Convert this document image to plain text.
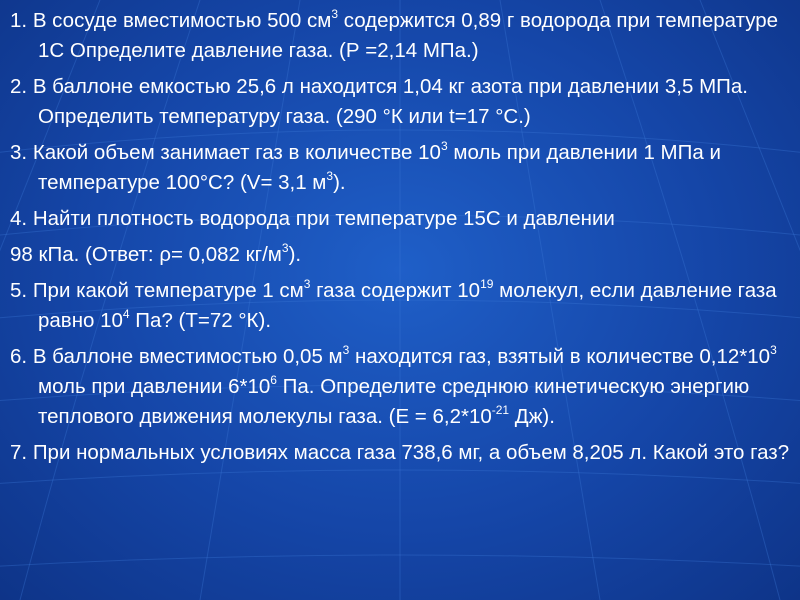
1. В сосуде вместимостью 500 $см^3$ содержится 0,89 г водорода при температуре 1С Определите давление газа. (Р =2,14 МПа.)

2. В баллоне емкостью 25,6 л находится 1,04 кг азота при давлении 3,5 МПа. Определить температуру газа. (290 °К или t=17 °С.)

3. Какой объем занимает газ в количестве $10^3$ моль при давлении 1 МПа и температуре 100°С? (V= 3,1 $м^3$).

4. Найти плотность водорода при температуре 15С и давлении

98 кПа. (Ответ: ρ= 0,082 $кг/м^3$).

5. При какой температуре 1 $см^3$ газа содержит $10^{19}$ молекул, если давление газа равно $10^4$ Па? (Т=72 °К).

6. В баллоне вместимостью 0,05 $м^3$ находится газ, взятый в количестве $0,12*10^3$ моль при давлении $6*10^6$ Па. Определите среднюю кинетическую энергию теплового движения молекулы газа. ($Е = 6,2*10^{-21}$ Дж).

7. При нормальных условиях масса газа 738,6 мг, а объем 8,205 л. Какой это газ?
